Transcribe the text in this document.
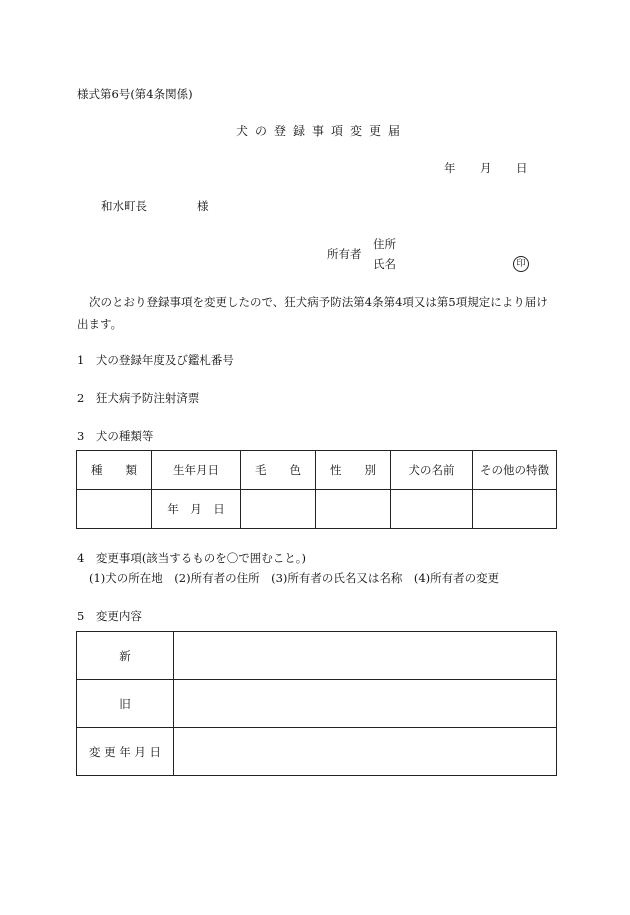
様式第6号(第4条関係)
犬の登録事項変更届
年 月 日
和水町長	様
所有者
住所
氏名	印
次のとおり登録事項を変更したので、狂犬病予防法第4条第4項又は第5項規定により届け
出ます。
1　犬の登録年度及び鑑札番号
2　狂犬病予防注射済票
3　犬の種類等
種　　類	生年月日	毛　　色	性　　別	犬の名前	その他の特徴
	年　月　日				
4　変更事項(該当するものを〇で囲むこと。)
(1)犬の所在地　(2)所有者の住所　(3)所有者の氏名又は名称　(4)所有者の変更
5　変更内容
新	
旧	
変 更 年 月 日	
